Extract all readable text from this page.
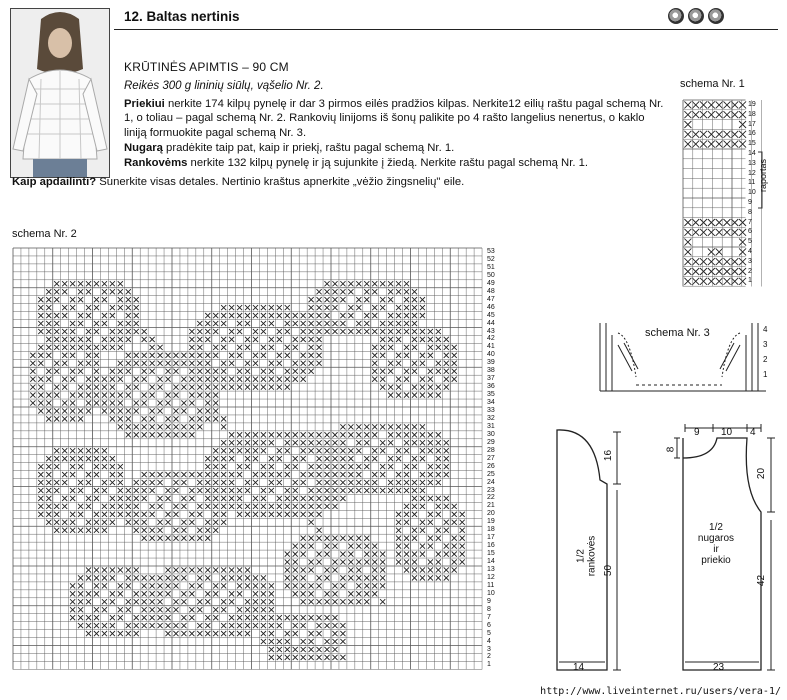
12. Baltas nertinis
KRŪTINĖS APIMTIS – 90 CM
Reikės 300 g lininių siūlų, vąšelio Nr. 2.
Priekiui nerkite 174 kilpų pynelę ir dar 3 pirmos eilės pradžios kilpas. Nerkite12 eilių raštu pagal schemą Nr. 1, o toliau – pagal schemą Nr. 2. Rankovių linijoms iš šonų palikite po 4 rašto langelius nenertus, o kaklo liniją formuokite pagal schemą Nr. 3.
Nugarą pradėkite taip pat, kaip ir priekį, raštu pagal schemą Nr. 1.
Rankovėms nerkite 132 kilpų pynelę ir ją sujunkite į žiedą. Nerkite raštu pagal schemą Nr. 1.
Kaip apdailinti? Sunerkite visas detales. Nertinio kraštus apnerkite „vėžio žingsnelių" eile.
schema Nr. 2
schema Nr. 1
1
2
3
4
5
6
7
8
9
10
11
12
13
14
15
16
17
18
19
20
21
22
23
24
25
26
27
28
29
30
31
32
33
34
35
36
37
38
39
40
41
42
43
44
45
46
47
48
49
50
51
52
53
1
2
3
4
5
6
7
8
9
10
11
12
13
14
15
16
17
18
19
raportas
schema Nr. 3	4
3
2
1
1/2 rankovės
16
50
14
9 10 4
8
20
42
23
1/2
nugaros
ir
priekio
http://www.liveinternet.ru/users/vera-1/
